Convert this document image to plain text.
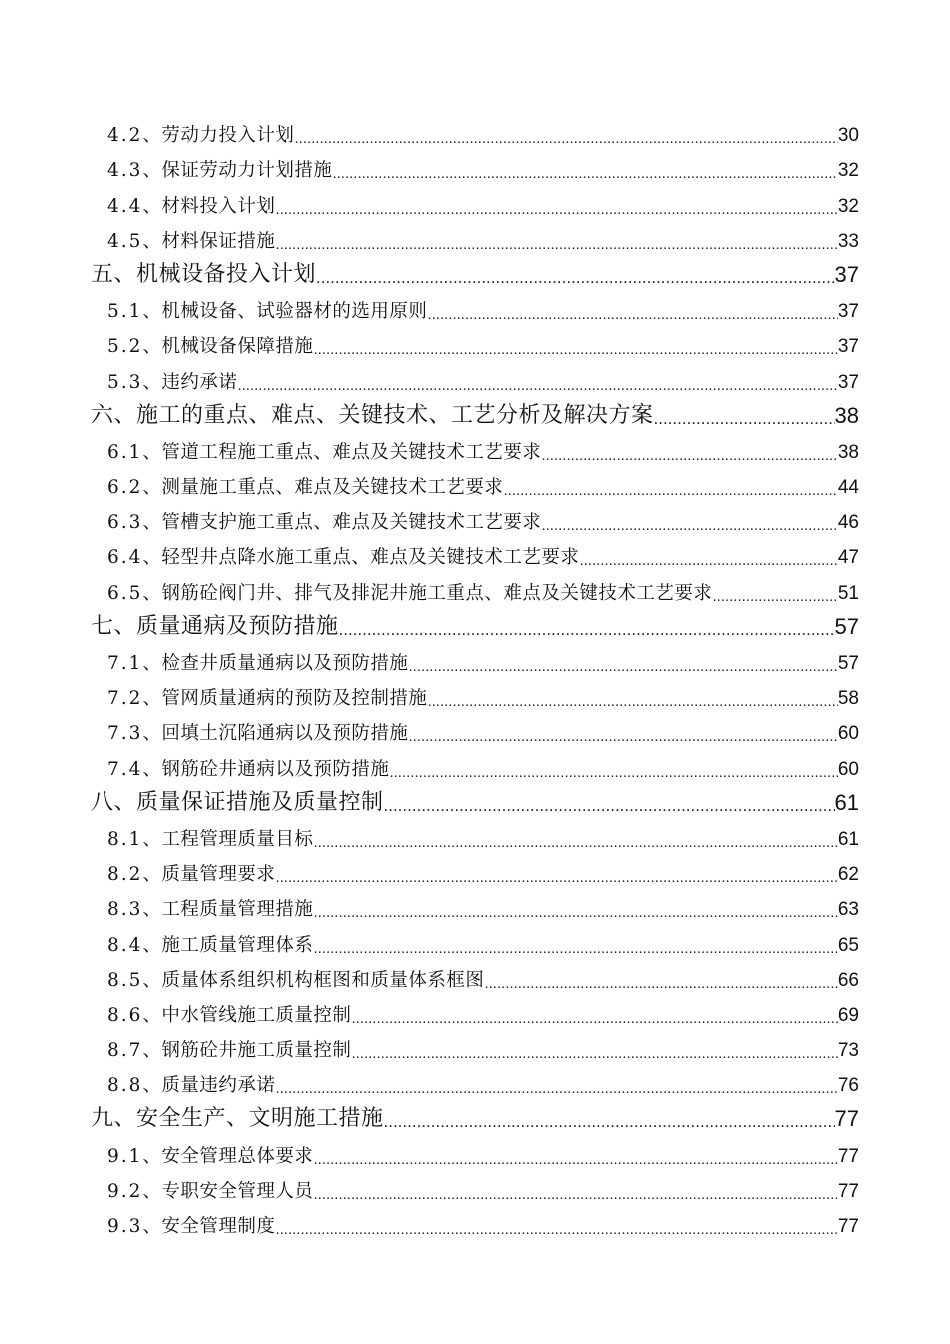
4.2、劳动力投入计划 .....	30
4.3、保证劳动力计划措施 .....	32
4.4、材料投入计划 .....	32
4.5、材料保证措施 .....	33
五、机械设备投入计划 .....	37
5.1、机械设备、试验器材的选用原则 .....	37
5.2、机械设备保障措施 .....	37
5.3、违约承诺 .....	37
六、施工的重点、难点、关键技术、工艺分析及解决方案 .....	38
6.1、管道工程施工重点、难点及关键技术工艺要求 .....	38
6.2、测量施工重点、难点及关键技术工艺要求 .....	44
6.3、管槽支护施工重点、难点及关键技术工艺要求 .....	46
6.4、轻型井点降水施工重点、难点及关键技术工艺要求 .....	47
6.5、钢筋砼阀门井、排气及排泥井施工重点、难点及关键技术工艺要求 .....	51
七、质量通病及预防措施 .....	57
7.1、检查井质量通病以及预防措施 .....	57
7.2、管网质量通病的预防及控制措施 .....	58
7.3、回填土沉陷通病以及预防措施 .....	60
7.4、钢筋砼井通病以及预防措施 .....	60
八、质量保证措施及质量控制 .....	61
8.1、工程管理质量目标 .....	61
8.2、质量管理要求 .....	62
8.3、工程质量管理措施 .....	63
8.4、施工质量管理体系 .....	65
8.5、质量体系组织机构框图和质量体系框图 .....	66
8.6、中水管线施工质量控制 .....	69
8.7、钢筋砼井施工质量控制 .....	73
8.8、质量违约承诺 .....	76
九、安全生产、文明施工措施 .....	77
9.1、安全管理总体要求 .....	77
9.2、专职安全管理人员 .....	77
9.3、安全管理制度 .....	77
